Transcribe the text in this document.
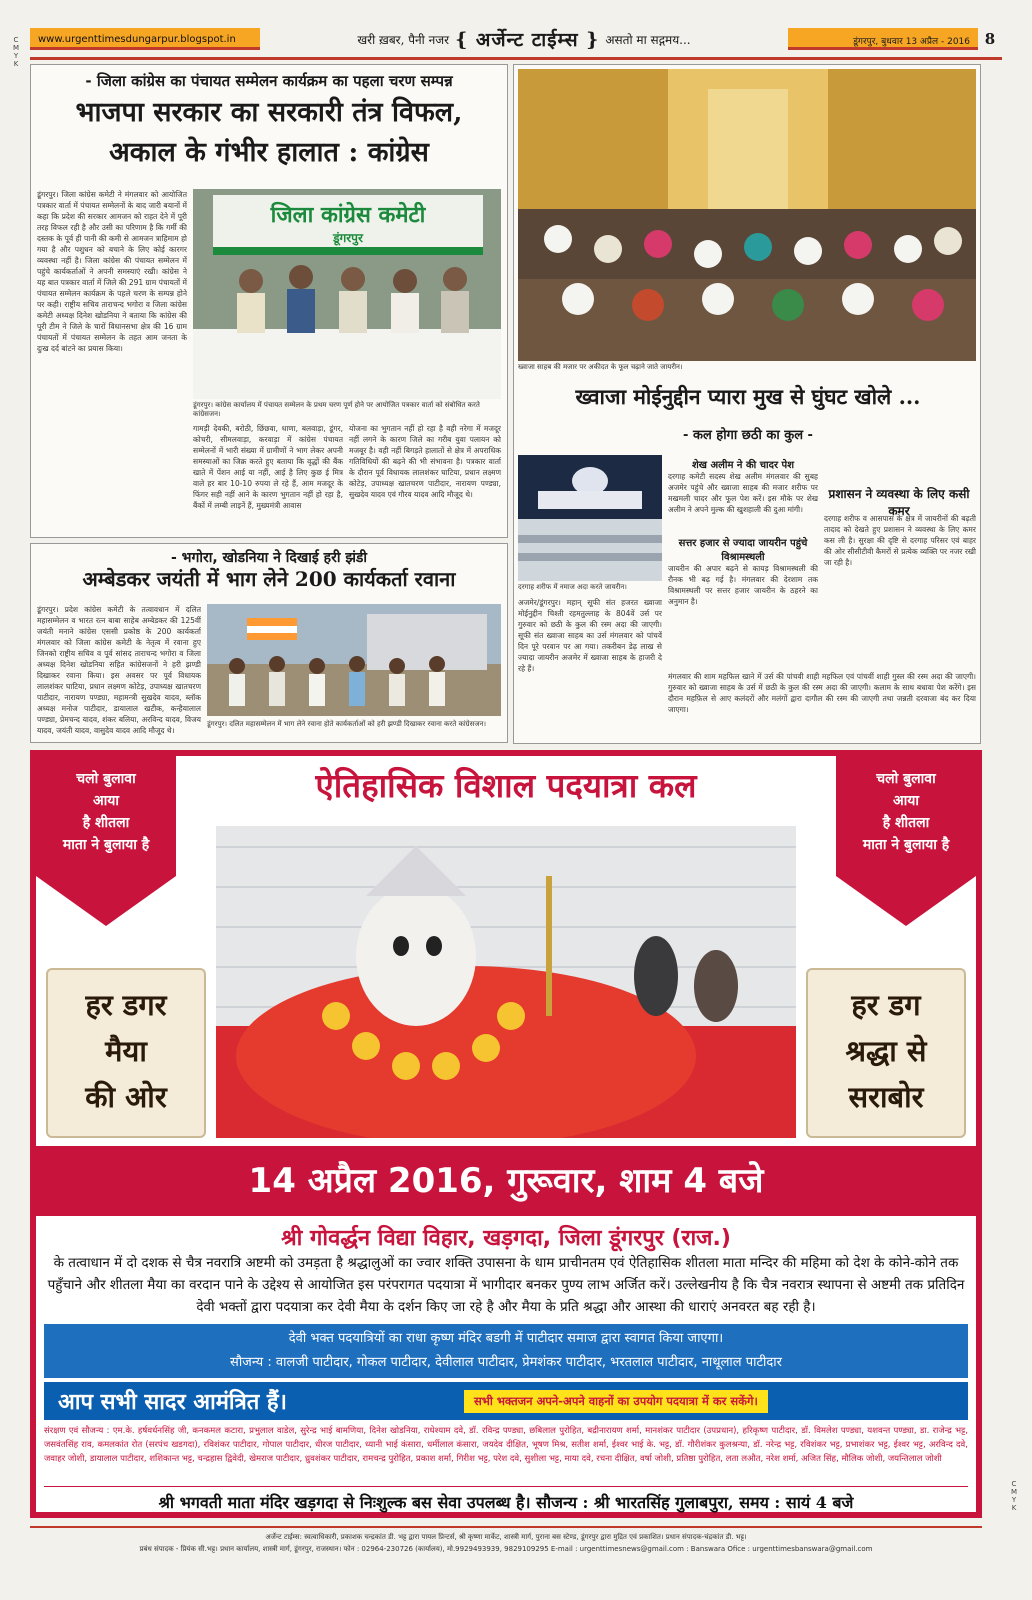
C
M
Y
K
C
M
Y
K
www.urgenttimesdungarpur.blogspot.in	खरी ख़बर, पैनी नजर { अर्जेन्ट टाईम्स } असतो मा सद्गमय...	डूंगरपुर, बुधवार 13 अप्रैल - 2016 8
- जिला कांग्रेस का पंचायत सम्मेलन कार्यक्रम का पहला चरण सम्पन्न
भाजपा सरकार का सरकारी तंत्र विफल,
अकाल के गंभीर हालात : कांग्रेस
डूंगरपुर। जिला कांग्रेस कमेटी ने मंगलवार को आयोजित पत्रकार वार्ता में पंचायत सम्मेलनों के बाद जारी बयानों में कहा कि प्रदेश की सरकार आमजन को राहत देने में पूरी तरह विफल रही है और उसी का परिणाम है कि गर्मी की दस्तक के पूर्व ही पानी की कमी से आमजन त्राहिमाम हो गया है और पशुधन को बचाने के लिए कोई कारगर व्यवस्था नहीं है। जिला कांग्रेस की पंचायत सम्मेलन में पहुंचे कार्यकर्ताओं ने अपनी समस्याएं रखी। कांग्रेस ने यह बात पत्रकार वार्ता में जिले की 291 ग्राम पंचायतों में पंचायत सम्मेलन कार्यक्रम के पहले चरण के सम्पन्न होने पर कही। राष्ट्रीय सचिव ताराचन्द भगोरा व जिला कांग्रेस कमेटी अध्यक्ष दिनेश खोडनिया ने बताया कि कांग्रेस की पूरी टीम ने जिले के चारों विधानसभा क्षेत्र की 16 ग्राम पंचायतों में पंचायत सम्मेलन के तहत आम जनता के दुःख दर्द बांटने का प्रयास किया।
जिला कांग्रेस कमेटी
डूंगरपुर
डूंगरपुर। कांग्रेस कार्यालय में पंचायत सम्मेलन के प्रथम चरण पूर्ण होने पर आयोजित पत्रकार वार्ता को संबोधित करते कांग्रेसजन।
गामड़ी देवकी, बरोठी, छिंछवा, धाणा, बलवाड़ा, डूंगर, कोचरी, सीमलवाड़ा, करवाड़ा में कांग्रेस पंचायत सम्मेलनों में भारी संख्या में ग्रामीणों ने भाग लेकर अपनी समस्याओं का जिक्र करते हुए बताया कि वृद्धों की बैंक खाते में पेंशन आई या नहीं, आई है लिए कुछ ई मित्र वाले हर बार 10-10 रुपया ले रहे हैं, आम मजदूर के फिंगर सही नहीं आने के कारण भुगतान नहीं हो रहा है, बैंकों में लम्बी लाइनें हैं, मुख्यमंत्री आवास
योजना का भुगतान नहीं हो रहा है वही नरेगा में मजदूर नहीं लगने के कारण जिले का गरीब युवा पलायन को मजबूर है। वही नहीं बिगड़ते हालातों से क्षेत्र में अपराधिक गतिविधियों की बढ़ने की भी संभावना है। पत्रकार वार्ता के दौरान पूर्व विधायक लालशंकर घाटिया, प्रधान लक्ष्मण कोटेड़, उपाध्यक्ष खातचरण पाटीदार, नारायण पण्ड्या, सुखदेव यादव एवं गौरव यादव आदि मौजूद थे।
- भगोरा, खोडनिया ने दिखाई हरी झंडी
अम्बेडकर जयंती में भाग लेने 200 कार्यकर्ता रवाना
डूंगरपुर। प्रदेश कांग्रेस कमेटी के तत्वावधान में दलित महासम्मेलन व भारत रत्न बाबा साहेब अम्बेडकर की 125वीं जयंती मनाने कांग्रेस एससी प्रकोष्ठ के 200 कार्यकर्ता मंगलवार को जिला कांग्रेस कमेटी के नेतृत्व में रवाना हुए जिनको राष्ट्रीय सचिव व पूर्व सांसद ताराचन्द भगोरा व जिला अध्यक्ष दिनेश खोडनिया सहित कांग्रेसजनों ने हरी झण्डी दिखाकर रवाना किया। इस अवसर पर पूर्व विधायक लालशंकर घाटिया, प्रधान लक्ष्मण कोटेड़, उपाध्यक्ष खातचरण पाटीदार, नारायण पण्ड्या, महामन्त्री सुखदेव यादव, ब्लॉक अध्यक्ष मनोज पाटीदार, डायालाल खटीक, कन्हैयालाल पण्ड्या, प्रेमचन्द यादव, शंकर बलिया, अरविन्द यादव, विजय यादव, जयंती यादव, वासुदेव यादव आदि मौजूद थे।
डूंगरपुर। दलित महासम्मेलन में भाग लेने रवाना होते कार्यकर्ताओं को हरी झण्डी दिखाकर रवाना करते कांग्रेसजन।
ख्वाजा साहब की मजार पर अकीदत के फूल चढ़ाने जाते जायरीन।
ख्वाजा मोईनुद्दीन प्यारा मुख से घुंघट खोले ...
- कल होगा छठी का कुल -
दरगाह शरीफ में नमाज अदा करते जायरीन।
शेख अलीम ने की चादर पेश
दरगाह कमेटी सदस्य शेख अलीम मंगलवार की सुबह अजमेर पहुंचे और ख्वाजा साहब की मजार शरीफ पर मखमली चादर और फूल पेश करें। इस मौके पर शेख अलीम ने अपने मुल्क की खुशहाली की दुआ मांगी।
सत्तर हजार से ज्यादा जायरीन पहुंचे विश्रामस्थली
जायरीन की अपार बढ़ने से कायड़ विश्रामस्थली की रौनक भी बढ़ गई है। मंगलवार की देरशाम तक विश्रामस्थली पर सत्तर हजार जायरीन के ठहरने का अनुमान है।
प्रशासन ने व्यवस्था के लिए कसी कमर
दरगाह शरीफ व आसपास के क्षेत्र में जायरीनों की बढ़ती तादाद को देखते हुए प्रशासन ने व्यवस्था के लिए कमर कस ली है। सुरक्षा की दृष्टि से दरगाह परिसर एवं बाहर की ओर सीसीटीवी कैमरों से प्रत्येक व्यक्ति पर नजर रखी जा रही है।
अजमेर/डूंगरपुर। महान् सूफी संत हजरत ख्वाजा मोईनुद्दीन चिश्ती रहमतुल्लाह के 804वें उर्स पर गुरुवार को छठी के कुल की रस्म अदा की जाएगी। सूफी संत ख्वाजा साहब का उर्स मंगलवार को पांचवें दिन पूरे परवान पर आ गया। तकरीबन डेढ़ लाख से ज्यादा जायरीन अजमेर में ख्वाजा साहब के हाजरी दे रहे हैं।
मंगलवार की शाम महफिल खाने में उर्स की पांचवी शाही महफिल एवं पांचवीं शाही गुस्ल की रस्म अदा की जाएगी। गुरुवार को ख्वाजा साहब के उर्स में छठी के कुल की रस्म अदा की जाएगी। कलाम के साथ बधावा पेश करेंगे। इस दौरान महफ़िल से आए कलंदरों और मलंगों द्वारा दागौल की रस्म की जाएगी तथा जन्नती दरवाजा बंद कर दिया जाएगा।
ऐतिहासिक विशाल पदयात्रा कल
चलो बुलावा
आया
है शीतला
माता ने बुलाया है
चलो बुलावा
आया
है शीतला
माता ने बुलाया है
हर डगर
मैया
की ओर
हर डग
श्रद्धा से
सराबोर
14 अप्रैल 2016, गुरूवार, शाम 4 बजे
श्री गोवर्द्धन विद्या विहार, खड़गदा, जिला डूंगरपुर (राज.)
के तत्वाधान में दो दशक से चैत्र नवरात्रि अष्टमी को उमड़ता है श्रद्धालुओं का ज्वार शक्ति उपासना के धाम प्राचीनतम एवं ऐतिहासिक शीतला माता मन्दिर की महिमा को देश के कोने-कोने तक पहुँचाने और शीतला मैया का वरदान पाने के उद्देश्य से आयोजित इस परंपरागत पदयात्रा में भागीदार बनकर पुण्य लाभ अर्जित करें। उल्लेखनीय है कि चैत्र नवरात्र स्थापना से अष्टमी तक प्रतिदिन देवी भक्तों द्वारा पदयात्रा कर देवी मैया के दर्शन किए जा रहे है और मैया के प्रति श्रद्धा और आस्था की धाराएं अनवरत बह रही है।
देवी भक्त पदयात्रियों का राधा कृष्ण मंदिर बडगी में पाटीदार समाज द्वारा स्वागत किया जाएगा।
सौजन्य : वालजी पाटीदार, गोकल पाटीदार, देवीलाल पाटीदार, प्रेमशंकर पाटीदार, भरतलाल पाटीदार, नाथूलाल पाटीदार
आप सभी सादर आमंत्रित हैं।	सभी भक्तजन अपने-अपने वाहनों का उपयोग पदयात्रा में कर सकेंगे।
संरक्षण एवं सौजन्य : एम.के. हर्षवर्धनसिंह जी, कनकमल कटारा, प्रभुलाल वाडेल, सुरेन्द्र भाई बामणिया, दिनेश खोडनिया, राधेश्याम दवे, डॉ. रविन्द्र पण्ड्या, छबिलाल पुरोहित, बद्रीनारायण शर्मा, मानशंकर पाटीदार (उपप्रधान), हरिकृष्ण पाटीदार, डॉ. विमलेश पण्ड्या, यशवन्त पण्ड्या, डा. राजेन्द्र भट्ट, जसवंतसिंह राव, कमलकांत रोत (सरपंच खडगदा), रविशंकर पाटीदार, गोपाल पाटीदार, धीरज पाटीदार, ध्यानी भाई कंसारा, धर्मीलाल कंसारा, जयदेव दीक्षित, भूषण मिश्र, सतीश शर्मा, ईश्वर भाई के. भट्ट, डॉ. गौरीशंकर कुलश्रन्या, डॉ. नरेन्द्र भट्ट, रविशंकर भट्ट, प्रभाशंकर भट्ट, ईश्वर भट्ट, अरविन्द दवे, जवाहर जोशी, डायालाल पाटीदार, शशिकान्त भट्ट, चन्द्रहास द्विवेदी, खेमराज पाटीदार, ध्रुवशंकर पाटीदार, रामचन्द्र पुरोहित, प्रकाश शर्मा, गिरीश भट्ट, परेश दवे, सुशीला भट्ट, माया दवे, रचना दीक्षित, वर्षा जोशी, प्रतिष्ठा पुरोहित, लता लऔत, नरेश शर्मा, अजित सिंह, मौलिक जोशी, जयन्तिलाल जोशी
श्री भगवती माता मंदिर खड़गदा से निःशुल्क बस सेवा उपलब्ध है। सौजन्य : श्री भारतसिंह गुलाबपुरा, समय : सायं 4 बजे
अर्जेन्ट टाईम्स: स्वत्वाधिकारी, प्रकाशक चन्द्रकांत डी. भट्ट द्वारा पायल प्रिन्टर्स, श्री कृष्णा मार्केट, शास्त्री मार्ग, पुराना बस स्टेण्ड, डूंगरपुर द्वारा मुद्रित एवं प्रकाशित। प्रधान संपादक-चंद्रकांत डी. भट्ट।
प्रबंध संपादक - प्रियंक सी.भट्ट। प्रधान कार्यालय, शास्त्री मार्ग, डूंगरपुर, राजस्थान। फोन : 02964-230726 (कार्यालय), मो.9929493939, 9829109295 E-mail : urgenttimesnews@gmail.com : Banswara Ofice : urgenttimesbanswara@gmail.com
